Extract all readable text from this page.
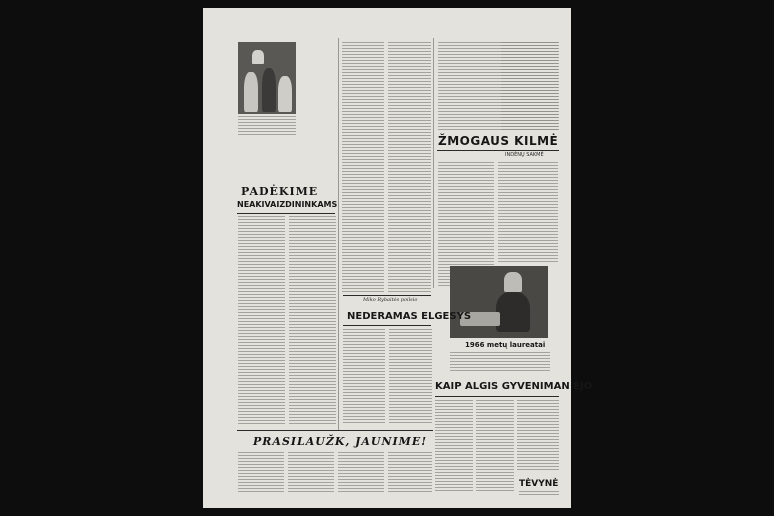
PADĖKIME
NEAKIVAIZDININKAMS
ŽMOGAUS KILMĖ
INDĖNŲ SAKMĖ
1966 metų laureatai
Miko Rybaitės poilsio
NEDERAMAS ELGESYS
KAIP ALGIS GYVENIMAN ĖJO
PRASILAUŽK, JAUNIME!
TĖVYNĖ
